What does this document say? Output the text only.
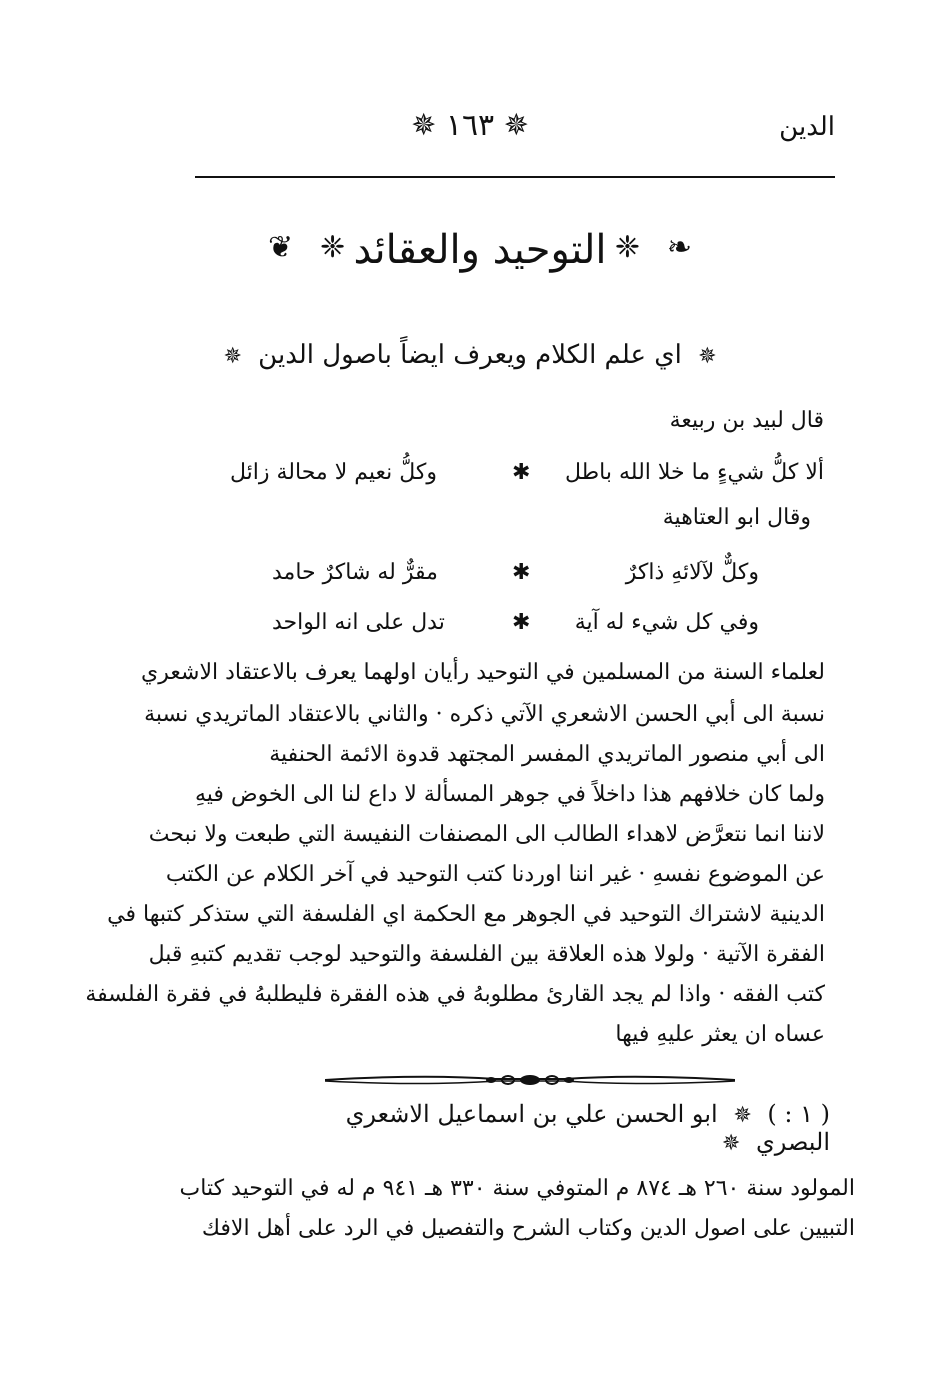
✵ ١٦٣ ✵	الدين
❦ ❈ التوحيد والعقائد ❈ ❧
✵ اي علم الكلام ويعرف ايضاً باصول الدين ✵
قال لبيد بن ربيعة
ألا كلُّ شيءٍ ما خلا الله باطل
✱
وكلُّ نعيم لا محالة زائل
وقال ابو العتاهية
وكلٌّ لآلائهِ ذاكرٌ
✱
مقرٌّ له شاكرٌ حامد
وفي كل شيء له آية
✱
تدل على انه الواحد
لعلماء السنة من المسلمين في التوحيد رأيان اولهما يعرف بالاعتقاد الاشعري
نسبة الى أبي الحسن الاشعري الآتي ذكره · والثاني بالاعتقاد الماتريدي نسبة
الى أبي منصور الماتريدي المفسر المجتهد قدوة الائمة الحنفية
ولما كان خلافهم هذا داخلاً في جوهر المسألة لا داع لنا الى الخوض فيهِ
لاننا انما نتعرَّض لاهداء الطالب الى المصنفات النفيسة التي طبعت ولا نبحث
عن الموضوع نفسهِ · غير اننا اوردنا كتب التوحيد في آخر الكلام عن الكتب
الدينية لاشتراك التوحيد في الجوهر مع الحكمة اي الفلسفة التي ستذكر كتبها في
الفقرة الآتية · ولولا هذه العلاقة بين الفلسفة والتوحيد لوجب تقديم كتبهِ قبل
كتب الفقه · واذا لم يجد القارئ مطلوبهُ في هذه الفقرة فليطلبهُ في فقرة الفلسفة
عساه ان يعثر عليهِ فيها
( ١ : ) ✵ ابو الحسن علي بن اسماعيل الاشعري البصري ✵
المولود سنة ٢٦٠ هـ ٨٧٤ م المتوفي سنة ٣٣٠ هـ ٩٤١ م له في التوحيد كتاب
التبيين على اصول الدين وكتاب الشرح والتفصيل في الرد على أهل الافك
